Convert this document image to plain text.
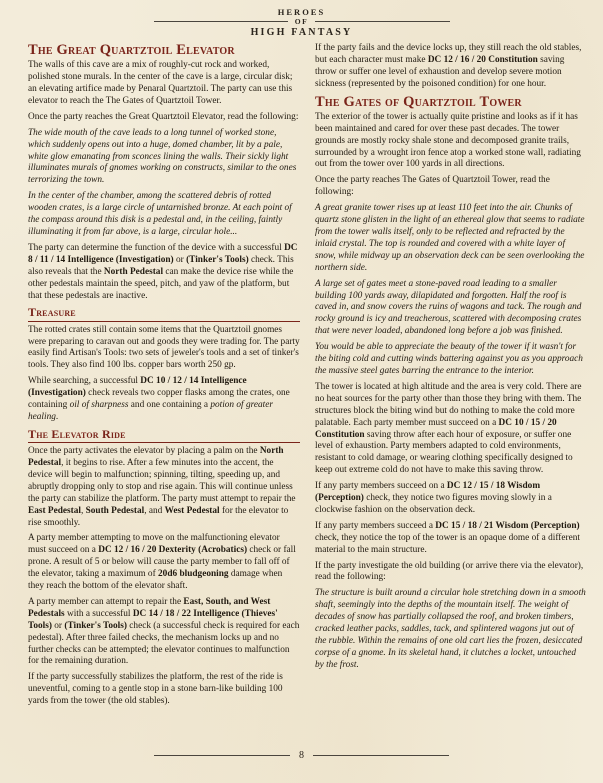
HEROES
OF
HIGH FANTASY
The Great Quartztoil Elevator

The walls of this cave are a mix of roughly-cut rock and worked, polished stone murals. In the center of the cave is a large, circular disk; an elevating artifice made by Penaral Quartztoil. The party can use this elevator to reach the The Gates of Quartztoil Tower.

Once the party reaches the Great Quartztoil Elevator, read the following:

The wide mouth of the cave leads to a long tunnel of worked stone, which suddenly opens out into a huge, domed chamber, lit by a pale, white glow emanating from sconces lining the walls. Their sickly light illuminates murals of gnomes working on constructs, similar to the ones terrorizing the town.

In the center of the chamber, among the scattered debris of rotted wooden crates, is a large circle of untarnished bronze. At each point of the compass around this disk is a pedestal and, in the ceiling, faintly illuminating it from far above, is a large, circular hole...

The party can determine the function of the device with a successful DC 8 / 11 / 14 Intelligence (Investigation) or (Tinker's Tools) check. This also reveals that the North Pedestal can make the device rise while the other pedestals maintain the speed, pitch, and yaw of the platform, but that these pedestals are inactive.

Treasure

The rotted crates still contain some items that the Quartztoil gnomes were preparing to caravan out and goods they were trading for. The party easily find Artisan's Tools: two sets of jeweler's tools and a set of tinker's tools. They also find 100 lbs. copper bars worth 250 gp.

While searching, a successful DC 10 / 12 / 14 Intelligence (Investigation) check reveals two copper flasks among the crates, one containing oil of sharpness and one containing a potion of greater healing.

The Elevator Ride

Once the party activates the elevator by placing a palm on the North Pedestal, it begins to rise. After a few minutes into the accent, the device will begin to malfunction; spinning, tilting, speeding up, and abruptly dropping only to stop and rise again. This will continue unless the party can stabilize the platform. The party must attempt to repair the East Pedestal, South Pedestal, and West Pedestal for the elevator to rise smoothly.

A party member attempting to move on the malfunctioning elevator must succeed on a DC 12 / 16 / 20 Dexterity (Acrobatics) check or fall prone. A result of 5 or below will cause the party member to fall off of the elevator, taking a maximum of 20d6 bludgeoning damage when they reach the bottom of the elevator shaft.

A party member can attempt to repair the East, South, and West Pedestals with a successful DC 14 / 18 / 22 Intelligence (Thieves' Tools) or (Tinker's Tools) check (a successful check is required for each pedestal). After three failed checks, the mechanism locks up and no further checks can be attempted; the elevator continues to malfunction for the remaining duration.

If the party successfully stabilizes the platform, the rest of the ride is uneventful, coming to a gentle stop in a stone barn-like building 100 yards from the tower (the old stables).

If the party fails and the device locks up, they still reach the old stables, but each character must make DC 12 / 16 / 20 Constitution saving throw or suffer one level of exhaustion and develop severe motion sickness (represented by the poisoned condition) for one hour.

The Gates of Quartztoil Tower

The exterior of the tower is actually quite pristine and looks as if it has been maintained and cared for over these past decades. The tower grounds are mostly rocky shale stone and decomposed granite trails, surrounded by a wrought iron fence atop a worked stone wall, radiating out from the tower over 100 yards in all directions.

Once the party reaches The Gates of Quartztoil Tower, read the following:

A great granite tower rises up at least 110 feet into the air. Chunks of quartz stone glisten in the light of an ethereal glow that seems to radiate from the tower walls itself, only to be reflected and refracted by the inlaid crystal. The top is rounded and covered with a white layer of snow, while midway up an observation deck can be seen overlooking the northern side.

A large set of gates meet a stone-paved road leading to a smaller building 100 yards away, dilapidated and forgotten. Half the roof is caved in, and snow covers the ruins of wagons and tack. The rough and rocky ground is icy and treacherous, scattered with decomposing crates that were never loaded, abandoned long before a job was finished.

You would be able to appreciate the beauty of the tower if it wasn't for the biting cold and cutting winds battering against you as you approach the massive steel gates barring the entrance to the interior.

The tower is located at high altitude and the area is very cold. There are no heat sources for the party other than those they bring with them. The structures block the biting wind but do nothing to make the cold more palatable. Each party member must succeed on a DC 10 / 15 / 20 Constitution saving throw after each hour of exposure, or suffer one level of exhaustion. Party members adapted to cold environments, resistant to cold damage, or wearing clothing specifically designed to keep out extreme cold do not have to make this saving throw.

If any party members succeed on a DC 12 / 15 / 18 Wisdom (Perception) check, they notice two figures moving slowly in a clockwise fashion on the observation deck.

If any party members succeed a DC 15 / 18 / 21 Wisdom (Perception) check, they notice the top of the tower is an opaque dome of a different material to the main structure.

If the party investigate the old building (or arrive there via the elevator), read the following:

The structure is built around a circular hole stretching down in a smooth shaft, seemingly into the depths of the mountain itself. The weight of decades of snow has partially collapsed the roof, and broken timbers, cracked leather packs, saddles, tack, and splintered wagons jut out of the rubble. Within the remains of one old cart lies the frozen, desiccated corpse of a gnome. In its skeletal hand, it clutches a locket, untouched by the frost.

8
